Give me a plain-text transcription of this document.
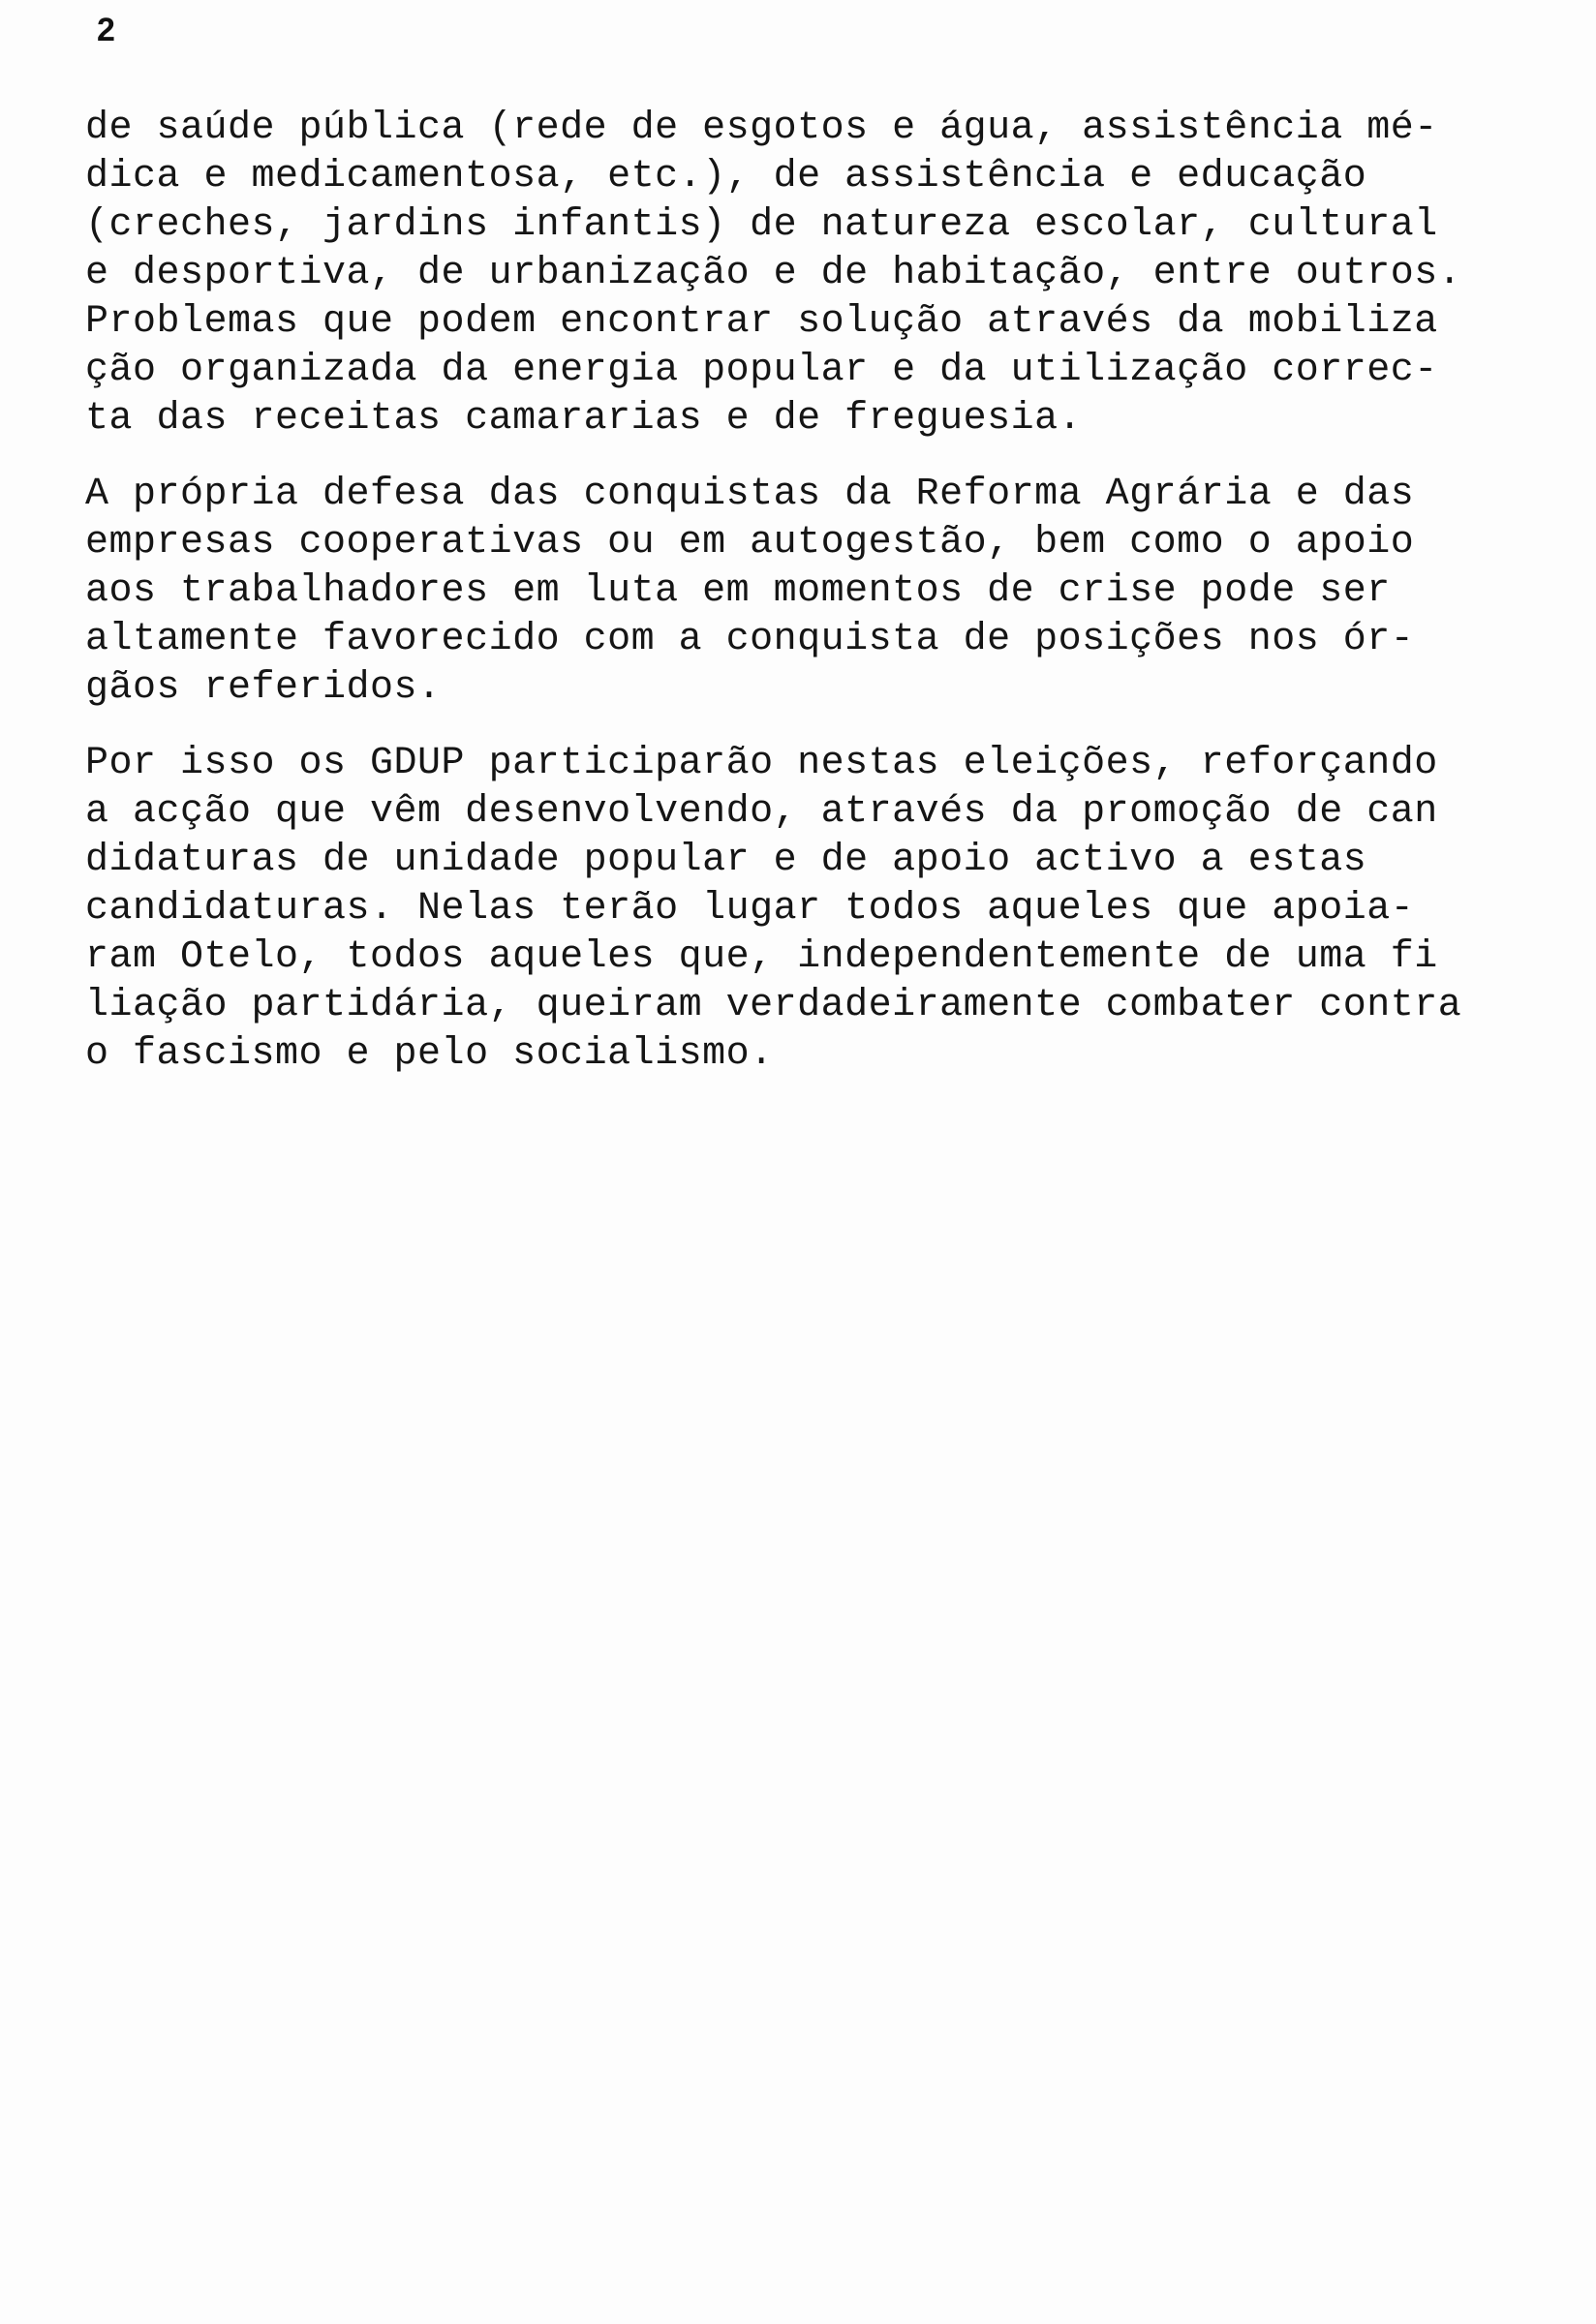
2
de saúde pública (rede de esgotos e água, assistência mé-
dica e medicamentosa, etc.), de assistência e educação
(creches, jardins infantis) de natureza escolar, cultural
e desportiva, de urbanização e de habitação, entre outros.
Problemas que podem encontrar solução através da mobiliza
ção organizada da energia popular e da utilização correc-
ta das receitas camararias e de freguesia.
A própria defesa das conquistas da Reforma Agrária e das
empresas cooperativas ou em autogestão, bem como o apoio
aos trabalhadores em luta em momentos de crise pode ser
altamente favorecido com a conquista de posições nos ór-
gãos referidos.
Por isso os GDUP participarão nestas eleições, reforçando
a acção que vêm desenvolvendo, através da promoção de can
didaturas de unidade popular e de apoio activo a estas
candidaturas. Nelas terão lugar todos aqueles que apoia-
ram Otelo, todos aqueles que, independentemente de uma fi
liação partidária, queiram verdadeiramente combater contra
o fascismo e pelo socialismo.
